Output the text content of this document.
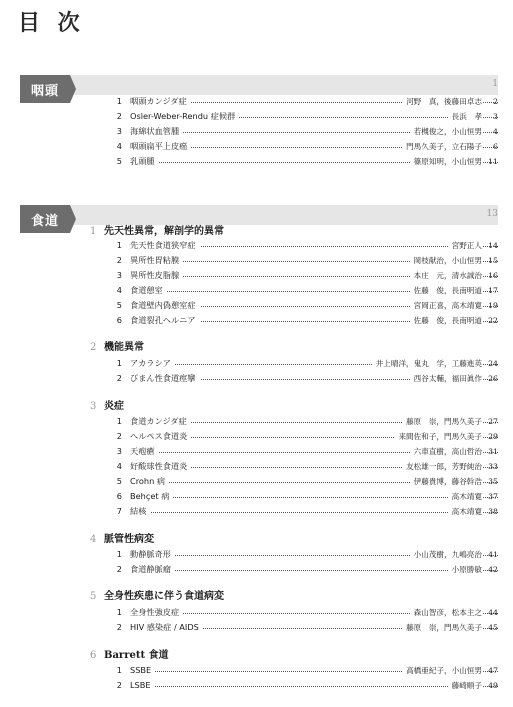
目 次
咽頭	1
1 咽頭カンジダ症	河野　真，後藤田卓志	2
2 Osler-Weber-Rendu 症候群	長浜　孝	3
3 海綿状血管腫	若槻俊之，小山恒男	4
4 咽頭扁平上皮癌	門馬久美子，立石陽子	6
5 乳頭腫	篠原知明，小山恒男 11
食道	13
1 先天性異常，解剖学的異常
1 先天性食道狭窄症	宮野正人 14
2 異所性胃粘膜	岡枝献治，小山恒男 15
3 異所性皮脂腺	本庄　元，清水誠治 16
4 食道憩室	佐藤　俊，長南明道 17
5 食道壁内偽憩室症	宮岡正喜，高木靖寛 19
6 食道裂孔ヘルニア	佐藤　俊，長南明道 22
2 機能異常
1 アカラシア	井上晴洋，鬼丸　学，工藤進英 24
2 びまん性食道痙攣	西谷太輔，福田眞作 26
3 炎症
1 食道カンジダ症	藤原　崇，門馬久美子 27
2 ヘルペス食道炎	来間佐和子，門馬久美子 29
3 天疱瘡	六車直樹，高山哲治 31
4 好酸球性食道炎	友松雄一郎，芳野純治 33
5 Crohn 病	伊藤貴博，藤谷幹浩 35
6 Behçet 病	高木靖寛 37
7 結核	高木靖寛 38
4 脈管性病変
1 動静脈奇形	小山茂樹，九嶋亮治 41
2 食道静脈瘤	小原勝敏 42
5 全身性疾患に伴う食道病変
1 全身性強皮症	森山智彦，松本主之 44
2 HIV 感染症 / AIDS	藤原　崇，門馬久美子 45
6 Barrett 食道
1 SSBE	高橋亜紀子，小山恒男 47
2 LSBE	藤崎順子 49
